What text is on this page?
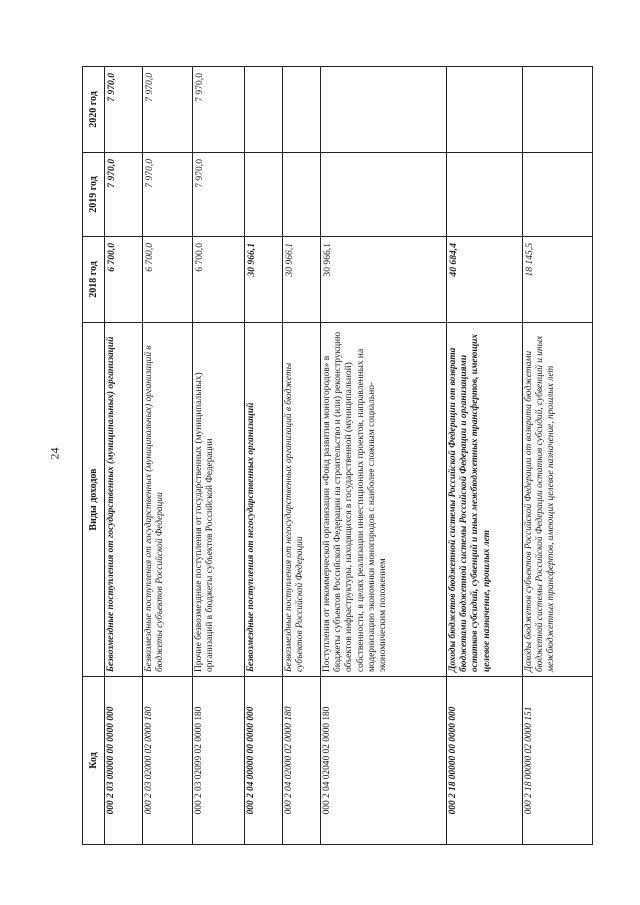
24
Код	Виды доходов	2018 год	2019 год	2020 год
000 2 03 00000 00 0000 000	Безвозмездные поступления от государственных (муниципальных) организаций	6 700,0	7 970,0	7 970,0
000 2 03 02000 02 0000 180	Безвозмездные поступления от государственных (муниципальных) организаций в бюджеты субъектов Российской Федерации	6 700,0	7 970,0	7 970,0
000 2 03 02099 02 0000 180	Прочие безвозмездные поступления от государственных (муниципальных) организаций в бюджеты субъектов Российской Федерации	6 700,0	7 970,0	7 970,0
000 2 04 00000 00 0000 000	Безвозмездные поступления от негосударственных организаций	30 966,1		
000 2 04 02000 02 0000 180	Безвозмездные поступления от негосударственных организаций в бюджеты субъектов Российской Федерации	30 966,1		
000 2 04 02040 02 0000 180	Поступления от некоммерческой организации «Фонд развития моногородов» в бюджеты субъектов Российской Федерации на строительство и (или) реконструкцию объектов инфраструктуры, находящихся в государственной (муниципальной) собственности, в целях реализации инвестиционных проектов, направленных на модернизацию экономики моногородов с наиболее сложным социально-экономическим положением	30 966,1		
000 2 18 00000 00 0000 000	Доходы бюджетов бюджетной системы Российской Федерации от возврата бюджетами бюджетной системы Российской Федерации и организациями остатков субсидий, субвенций и иных межбюджетных трансфертов, имеющих целевое назначение, прошлых лет	40 684,4		
000 2 18 00000 02 0000 151	Доходы бюджетов субъектов Российской Федерации от возврата бюджетами бюджетной системы Российской Федерации остатков субсидий, субвенций и иных межбюджетных трансфертов, имеющих целевое назначение, прошлых лет	18 145,5		
